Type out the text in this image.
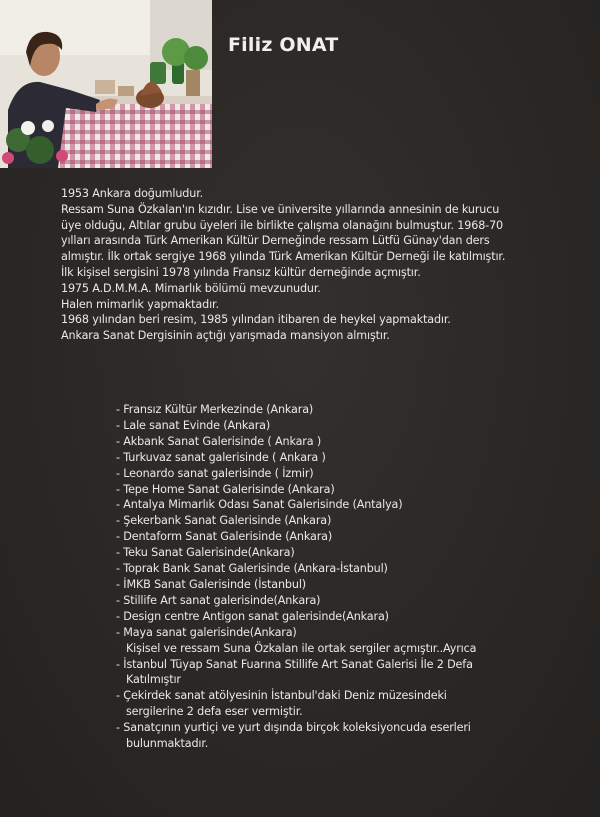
Filiz ONAT
1953 Ankara doğumludur.
Ressam Suna Özkalan'ın kızıdır. Lise ve üniversite yıllarında annesinin de kurucu
üye olduğu, Altılar grubu üyeleri ile birlikte çalışma olanağını bulmuştur. 1968-70
yılları arasında Türk Amerikan Kültür Derneğinde ressam Lütfü Günay'dan ders
almıştır. İlk ortak sergiye 1968 yılında Türk Amerikan Kültür Derneği ile katılmıştır.
İlk kişisel sergisini 1978 yılında Fransız kültür derneğinde açmıştır.
1975 A.D.M.M.A. Mimarlık bölümü mevzunudur.
Halen mimarlık yapmaktadır.
1968 yılından beri resim, 1985 yılından itibaren de heykel yapmaktadır.
Ankara Sanat Dergisinin açtığı yarışmada mansiyon almıştır.
- Fransız Kültür Merkezinde (Ankara)
- Lale sanat Evinde (Ankara)
- Akbank Sanat Galerisinde ( Ankara )
- Turkuvaz sanat galerisinde ( Ankara )
- Leonardo sanat galerisinde ( İzmir)
- Tepe Home Sanat Galerisinde (Ankara)
- Antalya Mimarlık Odası Sanat Galerisinde (Antalya)
- Şekerbank Sanat Galerisinde (Ankara)
- Dentaform Sanat Galerisinde (Ankara)
- Teku Sanat Galerisinde(Ankara)
- Toprak Bank Sanat Galerisinde (Ankara-İstanbul)
- İMKB Sanat Galerisinde (İstanbul)
- Stillife Art sanat galerisinde(Ankara)
- Design centre Antigon sanat galerisinde(Ankara)
- Maya sanat galerisinde(Ankara)
Kişisel ve ressam Suna Özkalan ile ortak sergiler açmıştır..Ayrıca
- İstanbul Tüyap Sanat Fuarına Stillife Art Sanat Galerisi İle 2 Defa
Katılmıştır
- Çekirdek sanat atölyesinin İstanbul'daki Deniz müzesindeki
sergilerine 2 defa eser vermiştir.
- Sanatçının yurtiçi ve yurt dışında birçok koleksiyoncuda eserleri
bulunmaktadır.
